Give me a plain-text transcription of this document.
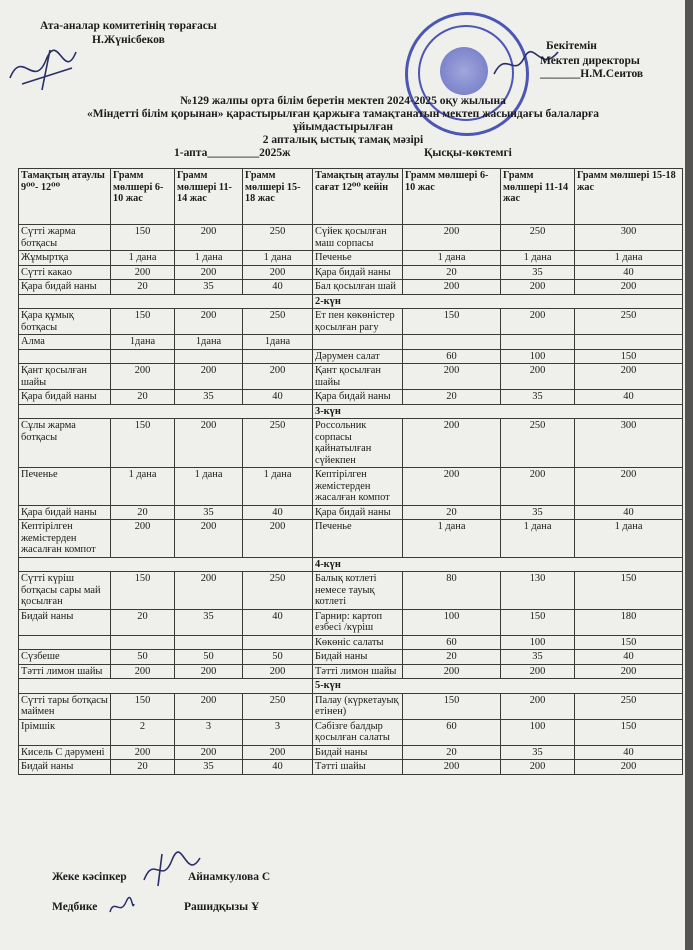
Ата-аналар комитетінің төрағасы
Н.Жүнісбеков	Бекітемін
Мектеп директоры
_______Н.М.Сеитов
№129 жалпы орта білім беретін мектеп 2024-2025 оқу жылына
«Міндетті білім қорынан» қарастырылған қаржыға тамақтанатын мектеп жасындағы балаларға
ұйымдастырылған
2 апталық ыстық тамақ мәзірі
1-апта_________2025ж	Қысқы-көктемгі
Тамақтың атаулы 9⁰⁰- 12⁰⁰	Грамм мөлшері 6-10 жас	Грамм мөлшері 11-14 жас	Грамм мөлшері 15-18 жас	Тамақтың атаулы сағат 12⁰⁰ кейін	Грамм мөлшері 6-10 жас	Грамм мөлшері 11-14 жас	Грамм мөлшері 15-18 жас
Сүтті жарма ботқасы	150	200	250	Сүйек қосылған маш сорпасы	200	250	300
Жұмыртқа	1 дана	1 дана	1 дана	Печенье	1 дана	1 дана	1 дана
Сүтті какао	200	200	200	Қара бидай наны	20	35	40
Қара бидай наны	20	35	40	Бал қосылған шай	200	200	200
				2-күн			
Қара құмық ботқасы	150	200	250	Ет пен көкөністер қосылған рагу	150	200	250
Алма	1дана	1дана	1дана				
				Дәрумен салат	60	100	150
Қант қосылған шайы	200	200	200	Қант қосылған шайы	200	200	200
Қара бидай наны	20	35	40	Қара бидай наны	20	35	40
				3-күн			
Сұлы жарма ботқасы	150	200	250	Россольник сорпасы қайнатылған сүйекпен	200	250	300
Печенье	1 дана	1 дана	1 дана	Кептірілген жемістерден жасалған компот	200	200	200
Қара бидай наны	20	35	40	Қара бидай наны	20	35	40
Кептірілген жемістерден жасалған компот	200	200	200	Печенье	1 дана	1 дана	1 дана
				4-күн			
Сүтті күріш ботқасы сары май қосылған	150	200	250	Балық котлеті немесе тауық котлеті	80	130	150
Бидай наны	20	35	40	Гарнир: картоп езбесі /күріш	100	150	180
				Көкөніс салаты	60	100	150
Сүзбеше	50	50	50	Бидай наны	20	35	40
Тәтті лимон шайы	200	200	200	Тәтті лимон шайы	200	200	200
				5-күн			
Сүтті тары ботқасы маймен	150	200	250	Палау (күркетауық етінен)	150	200	250
Ірімшік	2	3	3	Сәбізге балдыр қосылған салаты	60	100	150
Кисель С дәрумені	200	200	200	Бидай наны	20	35	40
Бидай наны	20	35	40	Тәтті шайы	200	200	200
Жеке кәсіпкер	Айнамкулова С
Медбике	Рашидқызы Ұ
